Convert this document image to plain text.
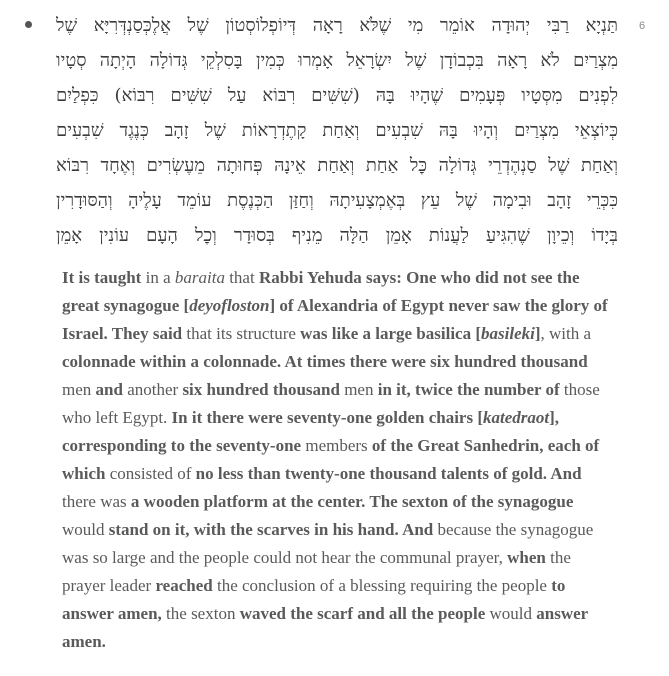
6
תַּנְיָא רַבִּי יְהוּדָה אוֹמֵר מִי שֶׁלֹּא רָאָה דְּיוֹפְלוֹסְטוֹן שֶׁל אֲלֶכְּסַנְדְּרִיָּא שֶׁל
מִצְרַיִם לֹא רָאָה בִּכְבוֹדָן שֶׁל יִשְׂרָאֵל אָמְרוּ כְּמִין בָּסִלְקֵי גְּדוֹלָה הָיְתָה סְטָיו
לִפְנִים מִסְּטָיו פְּעָמִים שֶׁהָיוּ בָּהּ (שִׁשִּׁים רִבּוֹא עַל שִׁשִּׁים רִבּוֹא) כִּפְלַיִם
כְּיוֹצְאֵי מִצְרַיִם וְהָיוּ בָּהּ שִׁבְעִים וְאַחַת קָתֶדְרָאוֹת שֶׁל זָהָב כְּנֶגֶד שִׁבְעִים
וְאַחַת שֶׁל סַנְהֶדְרֵי גְּדוֹלָה כׇּל אַחַת וְאַחַת אֵינָהּ פְּחוּתָה מֵעֶשְׂרִים וְאֶחָד רִבּוֹא
כִּכְּרֵי זָהָב וּבִימָה שֶׁל עֵץ בְּאֶמְצָעִיתָהּ וְחַזַּן הַכְּנֶסֶת עוֹמֵד עָלֶיהָ וְהַסּוּדָרִין
בְּיָדוֹ וְכֵיוָן שֶׁהִגִּיעַ לַעֲנוֹת אָמֵן הַלָּה מֵנִיף בְּסוּדָר וְכׇל הָעָם עוֹנִין אָמֵן
It is taught in a baraita that Rabbi Yehuda says: One who did not see the great synagogue [deyofloston] of Alexandria of Egypt never saw the glory of Israel. They said that its structure was like a large basilica [basileki], with a colonnade within a colonnade. At times there were six hundred thousand men and another six hundred thousand men in it, twice the number of those who left Egypt. In it there were seventy-one golden chairs [katedraot], corresponding to the seventy-one members of the Great Sanhedrin, each of which consisted of no less than twenty-one thousand talents of gold. And there was a wooden platform at the center. The sexton of the synagogue would stand on it, with the scarves in his hand. And because the synagogue was so large and the people could not hear the communal prayer, when the prayer leader reached the conclusion of a blessing requiring the people to answer amen, the sexton waved the scarf and all the people would answer amen.
